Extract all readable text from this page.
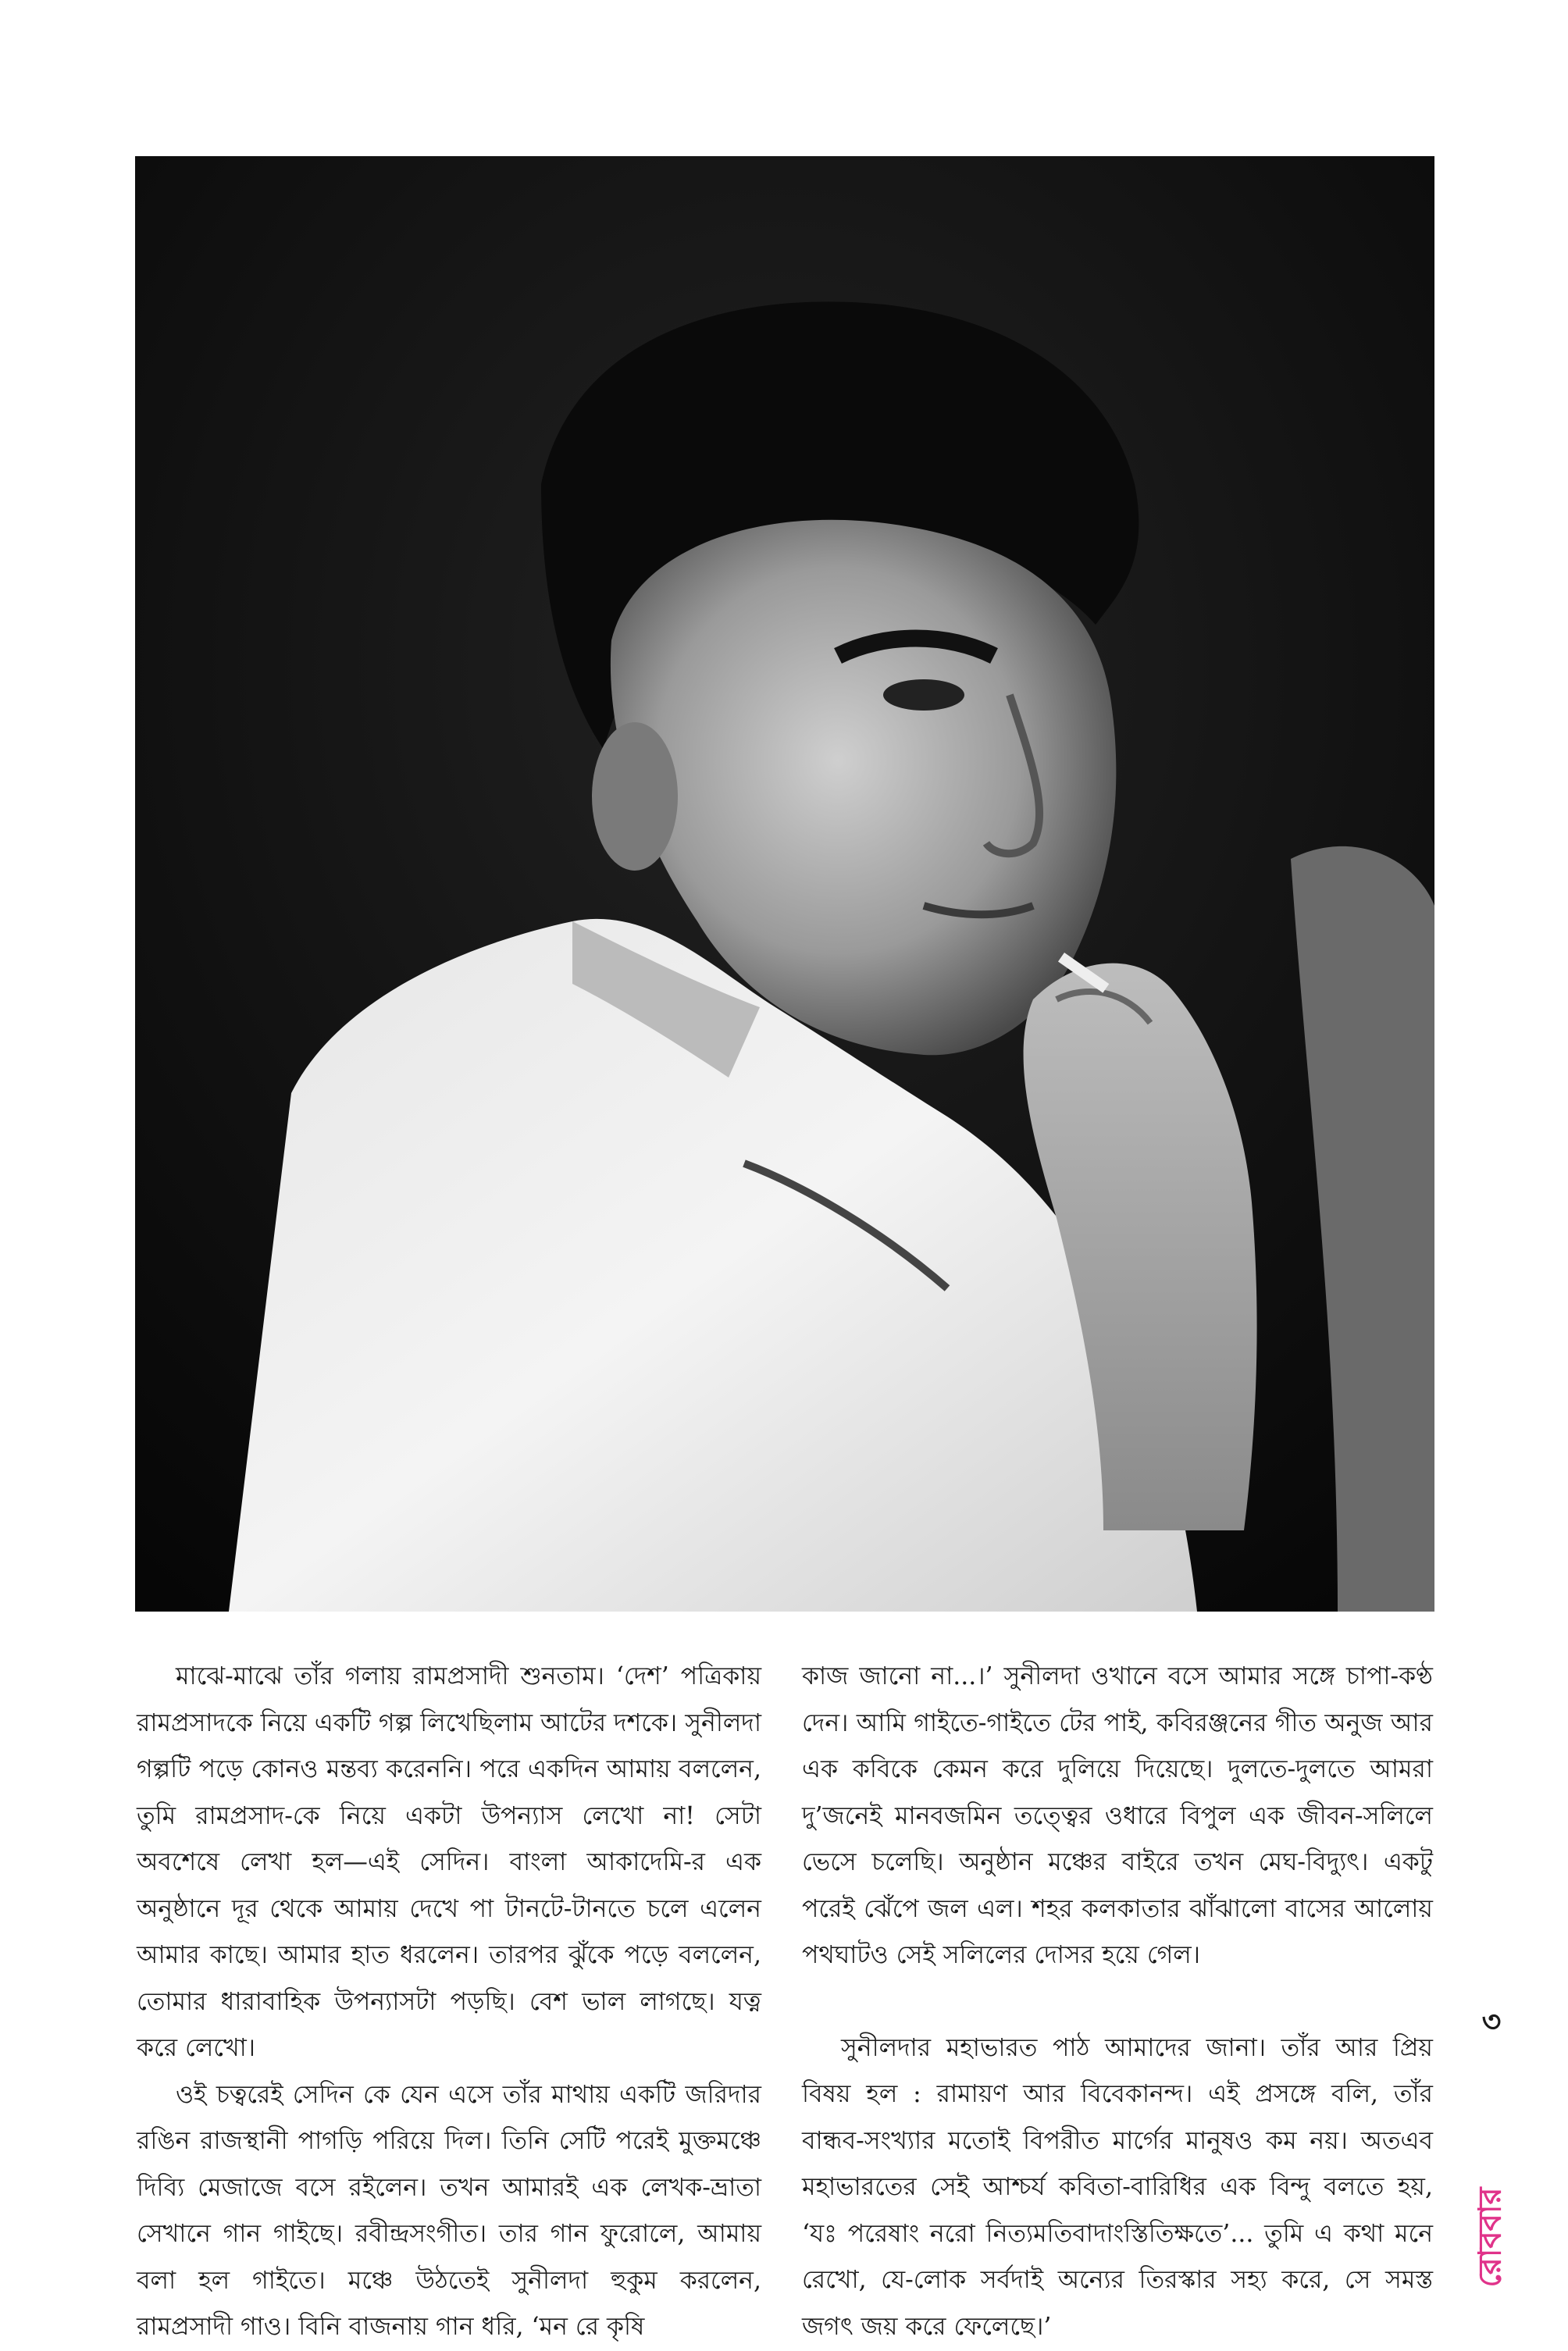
মাঝে-মাঝে তাঁর গলায় রামপ্রসাদী শুনতাম। ‘দেশ’ পত্রিকায় রামপ্রসাদকে নিয়ে একটি গল্প লিখেছিলাম আটের দশকে। সুনীলদা গল্পটি পড়ে কোনও মন্তব্য করেননি। পরে একদিন আমায় বললেন, তুমি রামপ্রসাদ-কে নিয়ে একটা উপন্যাস লেখো না! সেটা অবশেষে লেখা হল—এই সেদিন। বাংলা আকাদেমি-র এক অনুষ্ঠানে দূর থেকে আমায় দেখে পা টানটে-টানতে চলে এলেন আমার কাছে। আমার হাত ধরলেন। তারপর ঝুঁকে পড়ে বললেন, তোমার ধারাবাহিক উপন্যাসটা পড়ছি। বেশ ভাল লাগছে। যত্ন করে লেখো।

ওই চত্বরেই সেদিন কে যেন এসে তাঁর মাথায় একটি জরিদার রঙিন রাজস্থানী পাগড়ি পরিয়ে দিল। তিনি সেটি পরেই মুক্তমঞ্চে দিব্যি মেজাজে বসে রইলেন। তখন আমারই এক লেখক-ভ্রাতা সেখানে গান গাইছে। রবীন্দ্রসংগীত। তার গান ফুরোলে, আমায় বলা হল গাইতে। মঞ্চে উঠতেই সুনীলদা হুকুম করলেন, রামপ্রসাদী গাও। বিনি বাজনায় গান ধরি, ‘মন রে কৃষি

কাজ জানো না...।’ সুনীলদা ওখানে বসে আমার সঙ্গে চাপা-কণ্ঠ দেন। আমি গাইতে-গাইতে টের পাই, কবিরঞ্জনের গীত অনুজ আর এক কবিকে কেমন করে দুলিয়ে দিয়েছে। দুলতে-দুলতে আমরা দু’জনেই মানবজমিন তত্ত্বের ওধারে বিপুল এক জীবন-সলিলে ভেসে চলেছি। অনুষ্ঠান মঞ্চের বাইরে তখন মেঘ-বিদ্যুৎ। একটু পরেই ঝেঁপে জল এল। শহর কলকাতার ঝাঁঝালো বাসের আলোয় পথঘাটও সেই সলিলের দোসর হয়ে গেল।

সুনীলদার মহাভারত পাঠ আমাদের জানা। তাঁর আর প্রিয় বিষয় হল : রামায়ণ আর বিবেকানন্দ। এই প্রসঙ্গে বলি, তাঁর বান্ধব-সংখ্যার মতোই বিপরীত মার্গের মানুষও কম নয়। অতএব মহাভারতের সেই আশ্চর্য কবিতা-বারিধির এক বিন্দু বলতে হয়, ‘যঃ পরেষাং নরো নিত্যমতিবাদাংস্তিতিক্ষতে’... তুমি এ কথা মনে রেখো, যে-লোক সর্বদাই অন্যের তিরস্কার সহ্য করে, সে সমস্ত জগৎ জয় করে ফেলেছে।’

৩
রোববার
